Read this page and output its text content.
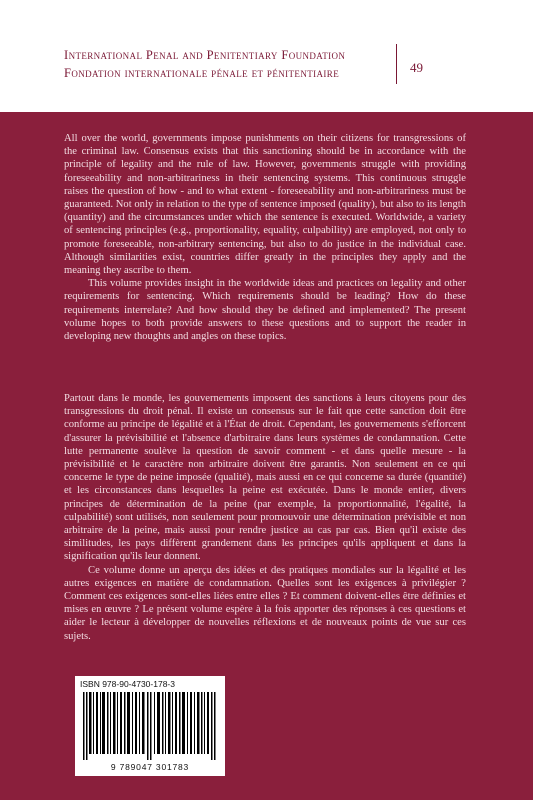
International Penal and Penitentiary Foundation
Fondation internationale pénale et pénitentiaire	49

All over the world, governments impose punishments on their citizens for transgressions of the criminal law. Consensus exists that this sanctioning should be in accordance with the principle of legality and the rule of law. However, governments struggle with providing foreseeability and non-arbitrariness in their sentencing systems. This continuous struggle raises the question of how - and to what extent - foreseeability and non-arbitrariness must be guaranteed. Not only in relation to the type of sentence imposed (quality), but also to its length (quantity) and the circumstances under which the sentence is executed. Worldwide, a variety of sentencing principles (e.g., proportionality, equality, culpability) are employed, not only to promote foreseeable, non-arbitrary sentencing, but also to do justice in the individual case. Although similarities exist, countries differ greatly in the principles they apply and the meaning they ascribe to them.

This volume provides insight in the worldwide ideas and practices on legality and other requirements for sentencing. Which requirements should be leading? How do these requirements interrelate? And how should they be defined and implemented? The present volume hopes to both provide answers to these questions and to support the reader in developing new thoughts and angles on these topics.

Partout dans le monde, les gouvernements imposent des sanctions à leurs citoyens pour des transgressions du droit pénal. Il existe un consensus sur le fait que cette sanction doit être conforme au principe de légalité et à l'État de droit. Cependant, les gouvernements s'efforcent d'assurer la prévisibilité et l'absence d'arbitraire dans leurs systèmes de condamnation. Cette lutte permanente soulève la question de savoir comment - et dans quelle mesure - la prévisibilité et le caractère non arbitraire doivent être garantis. Non seulement en ce qui concerne le type de peine imposée (qualité), mais aussi en ce qui concerne sa durée (quantité) et les circonstances dans lesquelles la peine est exécutée. Dans le monde entier, divers principes de détermination de la peine (par exemple, la proportionnalité, l'égalité, la culpabilité) sont utilisés, non seulement pour promouvoir une détermination prévisible et non arbitraire de la peine, mais aussi pour rendre justice au cas par cas. Bien qu'il existe des similitudes, les pays diffèrent grandement dans les principes qu'ils appliquent et dans la signification qu'ils leur donnent.

Ce volume donne un aperçu des idées et des pratiques mondiales sur la légalité et les autres exigences en matière de condamnation. Quelles sont les exigences à privilégier ? Comment ces exigences sont-elles liées entre elles ? Et comment doivent-elles être définies et mises en œuvre ? Le présent volume espère à la fois apporter des réponses à ces questions et aider le lecteur à développer de nouvelles réflexions et de nouveaux points de vue sur ces sujets.

ISBN 978-90-4730-178-3
9 789047 301783
